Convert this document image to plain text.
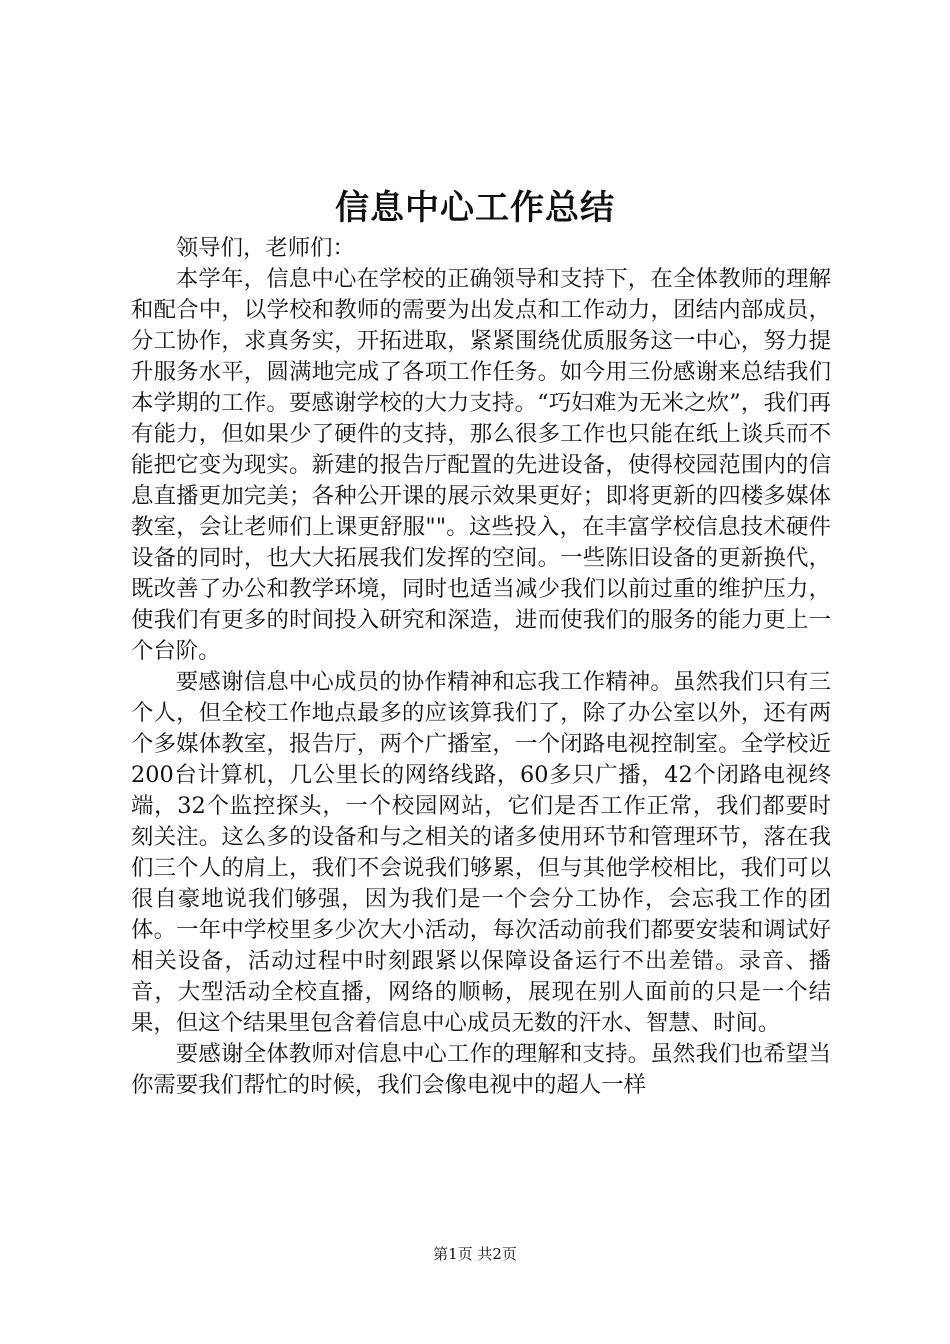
信息中心工作总结

领导们，老师们：

本学年，信息中心在学校的正确领导和支持下，在全体教师的理解和配合中，以学校和教师的需要为出发点和工作动力，团结内部成员，分工协作，求真务实，开拓进取，紧紧围绕优质服务这一中心，努力提升服务水平，圆满地完成了各项工作任务。如今用三份感谢来总结我们本学期的工作。要感谢学校的大力支持。“巧妇难为无米之炊”，我们再有能力，但如果少了硬件的支持，那么很多工作也只能在纸上谈兵而不能把它变为现实。新建的报告厅配置的先进设备，使得校园范围内的信息直播更加完美；各种公开课的展示效果更好；即将更新的四楼多媒体教室，会让老师们上课更舒服""。这些投入，在丰富学校信息技术硬件设备的同时，也大大拓展我们发挥的空间。一些陈旧设备的更新换代，既改善了办公和教学环境，同时也适当减少我们以前过重的维护压力，使我们有更多的时间投入研究和深造，进而使我们的服务的能力更上一个台阶。

要感谢信息中心成员的协作精神和忘我工作精神。虽然我们只有三个人，但全校工作地点最多的应该算我们了，除了办公室以外，还有两个多媒体教室，报告厅，两个广播室，一个闭路电视控制室。全学校近200台计算机，几公里长的网络线路，60多只广播，42个闭路电视终端，32个监控探头，一个校园网站，它们是否工作正常，我们都要时刻关注。这么多的设备和与之相关的诸多使用环节和管理环节，落在我们三个人的肩上，我们不会说我们够累，但与其他学校相比，我们可以很自豪地说我们够强，因为我们是一个会分工协作，会忘我工作的团体。一年中学校里多少次大小活动，每次活动前我们都要安装和调试好相关设备，活动过程中时刻跟紧以保障设备运行不出差错。录音、播音，大型活动全校直播，网络的顺畅，展现在别人面前的只是一个结果，但这个结果里包含着信息中心成员无数的汗水、智慧、时间。

要感谢全体教师对信息中心工作的理解和支持。虽然我们也希望当你需要我们帮忙的时候，我们会像电视中的超人一样

第1页 共2页
